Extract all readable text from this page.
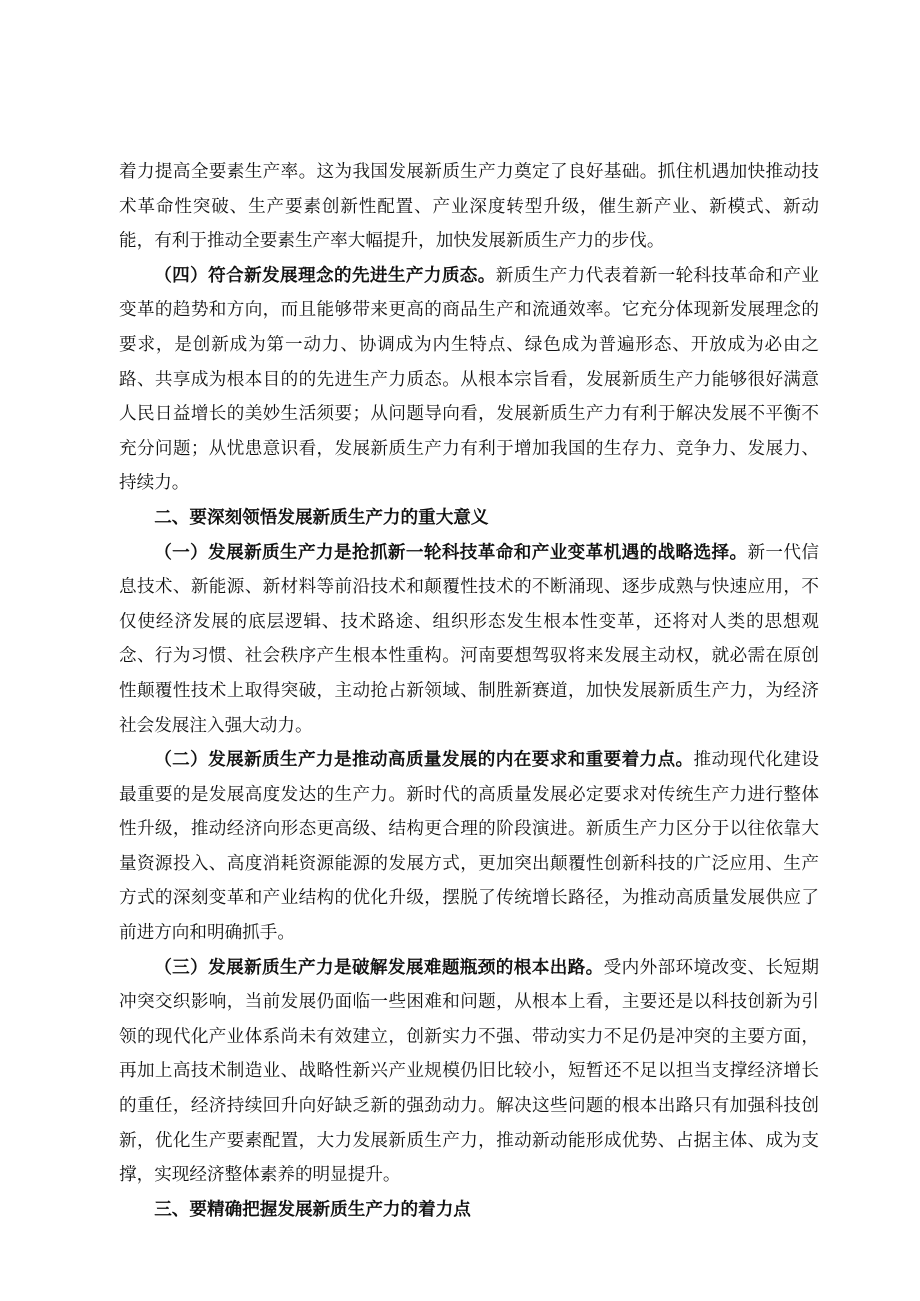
着力提高全要素生产率。这为我国发展新质生产力奠定了良好基础。抓住机遇加快推动技术革命性突破、生产要素创新性配置、产业深度转型升级，催生新产业、新模式、新动能，有利于推动全要素生产率大幅提升，加快发展新质生产力的步伐。

（四）符合新发展理念的先进生产力质态。新质生产力代表着新一轮科技革命和产业变革的趋势和方向，而且能够带来更高的商品生产和流通效率。它充分体现新发展理念的要求，是创新成为第一动力、协调成为内生特点、绿色成为普遍形态、开放成为必由之路、共享成为根本目的的先进生产力质态。从根本宗旨看，发展新质生产力能够很好满意人民日益增长的美妙生活须要；从问题导向看，发展新质生产力有利于解决发展不平衡不充分问题；从忧患意识看，发展新质生产力有利于增加我国的生存力、竞争力、发展力、持续力。

二、要深刻领悟发展新质生产力的重大意义

（一）发展新质生产力是抢抓新一轮科技革命和产业变革机遇的战略选择。新一代信息技术、新能源、新材料等前沿技术和颠覆性技术的不断涌现、逐步成熟与快速应用，不仅使经济发展的底层逻辑、技术路途、组织形态发生根本性变革，还将对人类的思想观念、行为习惯、社会秩序产生根本性重构。河南要想驾驭将来发展主动权，就必需在原创性颠覆性技术上取得突破，主动抢占新领域、制胜新赛道，加快发展新质生产力，为经济社会发展注入强大动力。

（二）发展新质生产力是推动高质量发展的内在要求和重要着力点。推动现代化建设最重要的是发展高度发达的生产力。新时代的高质量发展必定要求对传统生产力进行整体性升级，推动经济向形态更高级、结构更合理的阶段演进。新质生产力区分于以往依靠大量资源投入、高度消耗资源能源的发展方式，更加突出颠覆性创新科技的广泛应用、生产方式的深刻变革和产业结构的优化升级，摆脱了传统增长路径，为推动高质量发展供应了前进方向和明确抓手。

（三）发展新质生产力是破解发展难题瓶颈的根本出路。受内外部环境改变、长短期冲突交织影响，当前发展仍面临一些困难和问题，从根本上看，主要还是以科技创新为引领的现代化产业体系尚未有效建立，创新实力不强、带动实力不足仍是冲突的主要方面，再加上高技术制造业、战略性新兴产业规模仍旧比较小，短暂还不足以担当支撑经济增长的重任，经济持续回升向好缺乏新的强劲动力。解决这些问题的根本出路只有加强科技创新，优化生产要素配置，大力发展新质生产力，推动新动能形成优势、占据主体、成为支撑，实现经济整体素养的明显提升。

三、要精确把握发展新质生产力的着力点
